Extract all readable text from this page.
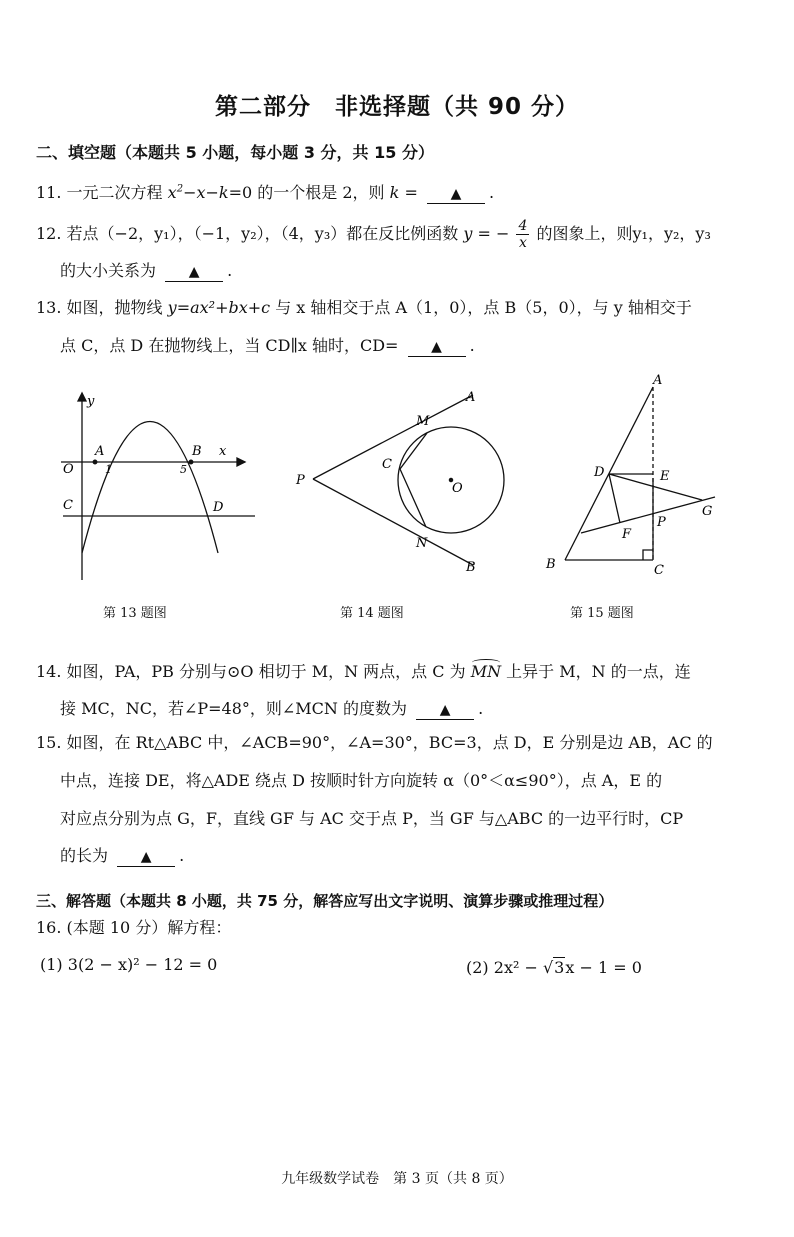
第二部分　非选择题（共 90 分）
二、填空题（本题共 5 小题，每小题 3 分，共 15 分）
11. 一元二次方程 $x^2-x-k=0$ 的一个根是 2，则 k = ▲ .
12. 若点（−2，y₁），（−1，y₂），（4，y₃）都在反比例函数 y = − $\frac{4}{x}$ 的图象上，则y₁，y₂，y₃
的大小关系为 ▲ .
13. 如图，抛物线 y=ax²+bx+c 与 x 轴相交于点 A（1，0），点 B（5，0），与 y 轴相交于
点 C，点 D 在抛物线上，当 CD∥x 轴时，CD= ▲ .
y
x
O
A
1
B
5
C	D
第 13 题图
A
B
M
N
P
C
O
第 14 题图
A
B	C
D	E
F
G
P
第 15 题图
14. 如图，PA，PB 分别与⊙O 相切于 M，N 两点，点 C 为 MN 上异于 M，N 的一点，连
接 MC，NC，若∠P=48°，则∠MCN 的度数为 ▲ .
15. 如图，在 Rt△ABC 中，∠ACB=90°，∠A=30°，BC=3，点 D，E 分别是边 AB，AC 的
中点，连接 DE，将△ADE 绕点 D 按顺时针方向旋转 α（0°＜α≤90°），点 A，E 的
对应点分别为点 G，F，直线 GF 与 AC 交于点 P，当 GF 与△ABC 的一边平行时，CP
的长为 ▲ .
三、解答题（本题共 8 小题，共 75 分，解答应写出文字说明、演算步骤或推理过程）
16. (本题 10 分）解方程：
(1) 3(2 − x)² − 12 = 0	(2) 2x² − √3x − 1 = 0
九年级数学试卷　第 3 页（共 8 页）
